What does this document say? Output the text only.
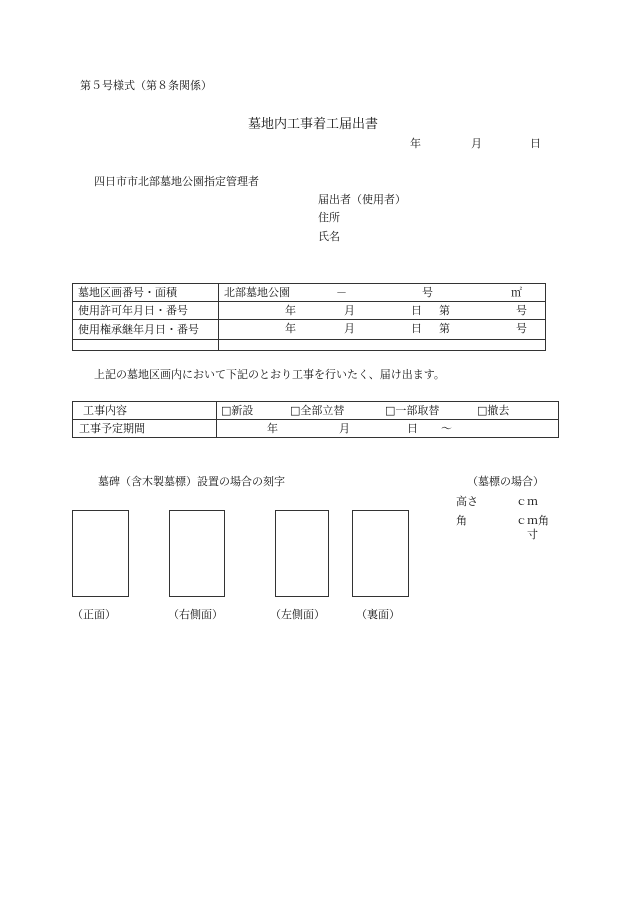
第５号様式（第８条関係）
墓地内工事着工届出書
年	月	日
四日市市北部墓地公園指定管理者
届出者（使用者）
住所
氏名
墓地区画番号・面積	北部墓地公園 － 号 ㎡

使用許可年月日・番号	年 月 日 第 号

使用権承継年月日・番号	年 月 日 第 号

上記の墓地区画内において下記のとおり工事を行いたく、届け出ます。
工事内容	□新設 □全部立替 □一部取替 □撤去

工事予定期間	年 月 日 ～
墓碑（含木製墓標）設置の場合の刻字
（正面）	（右側面）	（左側面）	（裏面）
（墓標の場合）
高さ	ｃｍ
角	ｃｍ角
寸
